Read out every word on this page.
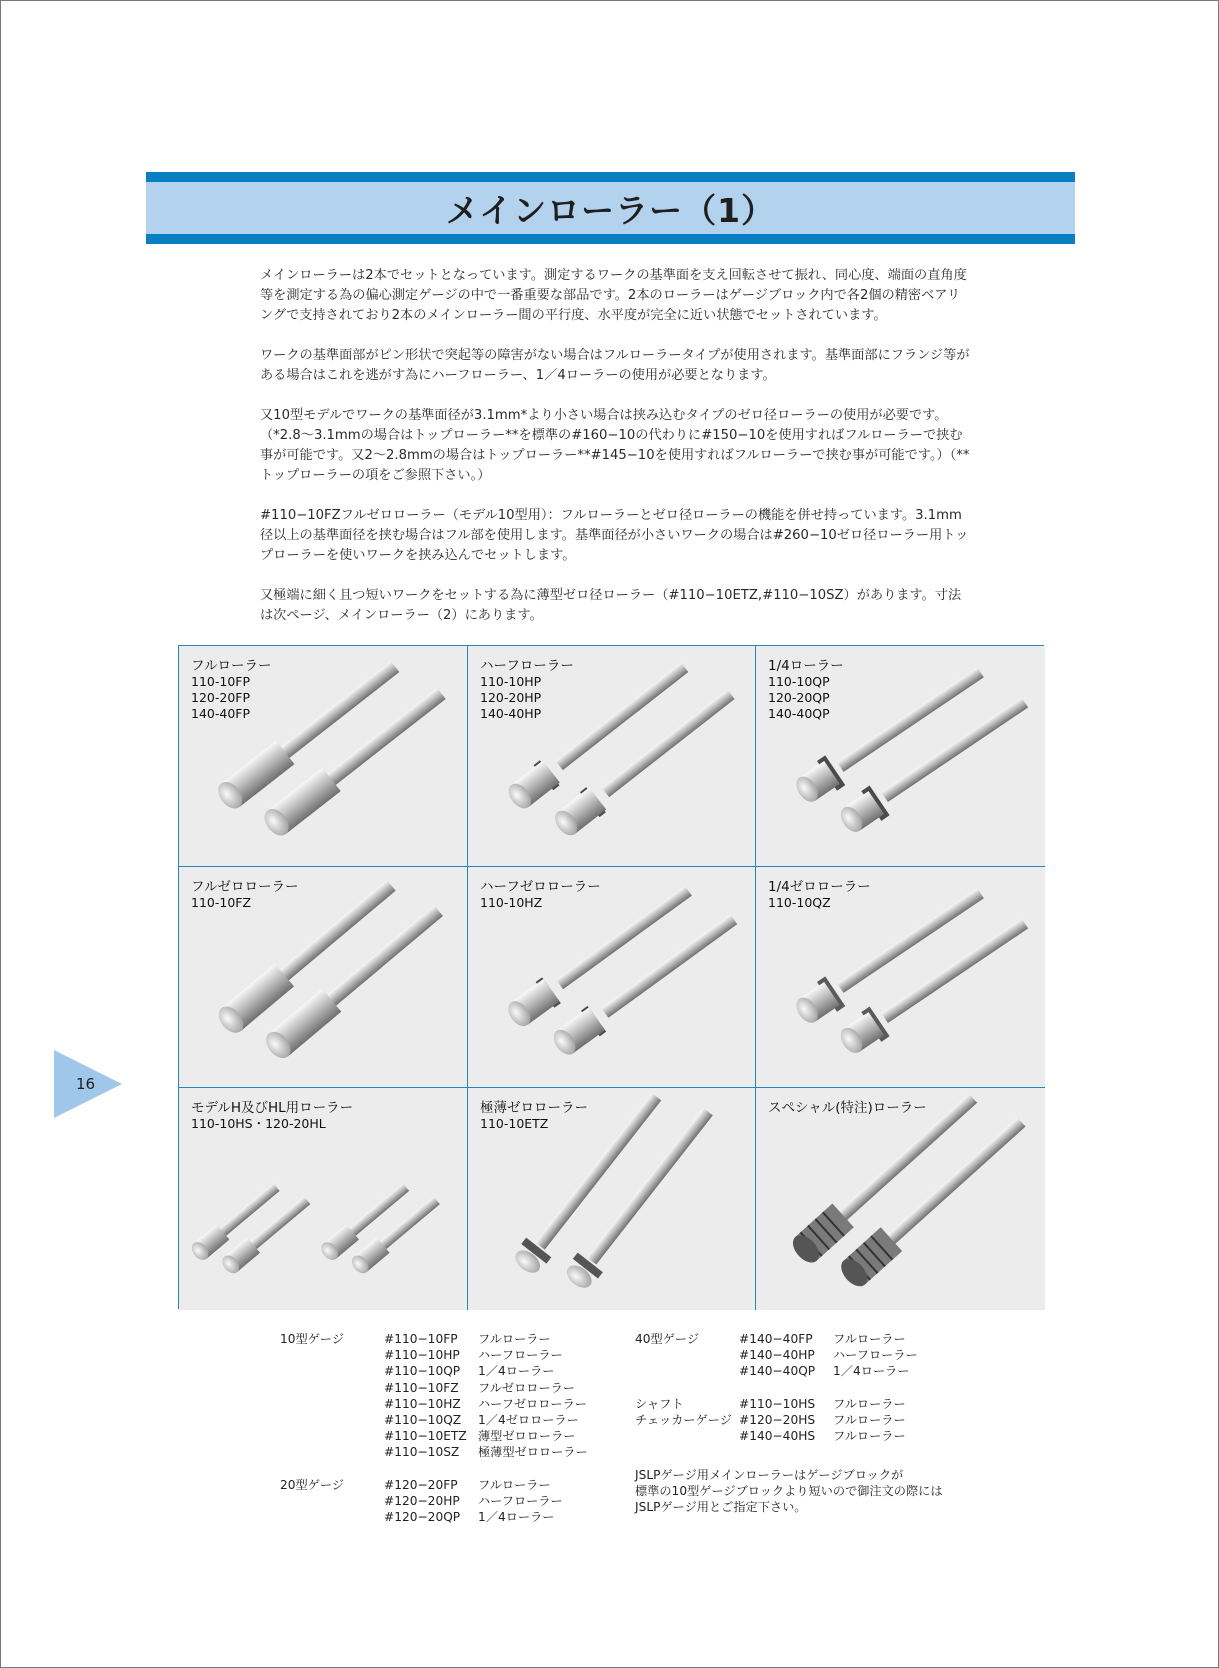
メインローラー（1）

メインローラーは2本でセットとなっています。測定するワークの基準面を支え回転させて振れ、同心度、端面の直角度等を測定する為の偏心測定ゲージの中で一番重要な部品です。2本のローラーはゲージブロック内で各2個の精密ベアリングで支持されており2本のメインローラー間の平行度、水平度が完全に近い状態でセットされています。

ワークの基準面部がピン形状で突起等の障害がない場合はフルローラータイプが使用されます。基準面部にフランジ等がある場合はこれを逃がす為にハーフローラー、1／4ローラーの使用が必要となります。

又10型モデルでワークの基準面径が3.1mm*より小さい場合は挟み込むタイプのゼロ径ローラーの使用が必要です。（*2.8〜3.1mmの場合はトップローラー**を標準の#160−10の代わりに#150−10を使用すればフルローラーで挟む事が可能です。又2〜2.8mmの場合はトップローラー**#145−10を使用すればフルローラーで挟む事が可能です。）（**トップローラーの項をご参照下さい。）

#110−10FZフルゼロローラー（モデル10型用）：フルローラーとゼロ径ローラーの機能を併せ持っています。3.1mm径以上の基準面径を挟む場合はフル部を使用します。基準面径が小さいワークの場合は#260−10ゼロ径ローラー用トップローラーを使いワークを挟み込んでセットします。

又極端に細く且つ短いワークをセットする為に薄型ゼロ径ローラー（#110−10ETZ,#110−10SZ）があります。寸法は次ページ、メインローラー（2）にあります。

フルローラー
110-10FP
120-20FP
140-40FP
ハーフローラー
110-10HP
120-20HP
140-40HP
1/4ローラー
110-10QP
120-20QP
140-40QP
フルゼロローラー
110-10FZ
ハーフゼロローラー
110-10HZ
1/4ゼロローラー
110-10QZ
モデルH及びHL用ローラー
110-10HS・120-20HL
極薄ゼロローラー
110-10ETZ
スペシャル(特注)ローラー
16
10型ゲージ	#110−10FP	フルローラー
#110−10HP	ハーフローラー
#110−10QP	1／4ローラー
#110−10FZ	フルゼロローラー
#110−10HZ	ハーフゼロローラー
#110−10QZ	1／4ゼロローラー
#110−10ETZ 薄型ゼロローラー
#110−10SZ	極薄型ゼロローラー
20型ゲージ	#120−20FP	フルローラー
#120−20HP	ハーフローラー
#120−20QP	1／4ローラー
40型ゲージ	#140−40FP	フルローラー
#140−40HP	ハーフローラー
#140−40QP	1／4ローラー
シャフト	#110−10HS	フルローラー
チェッカーゲージ #120−20HS	フルローラー
#140−40HS	フルローラー
JSLPゲージ用メインローラーはゲージブロックが
標準の10型ゲージブロックより短いので御注文の際には
JSLPゲージ用とご指定下さい。
